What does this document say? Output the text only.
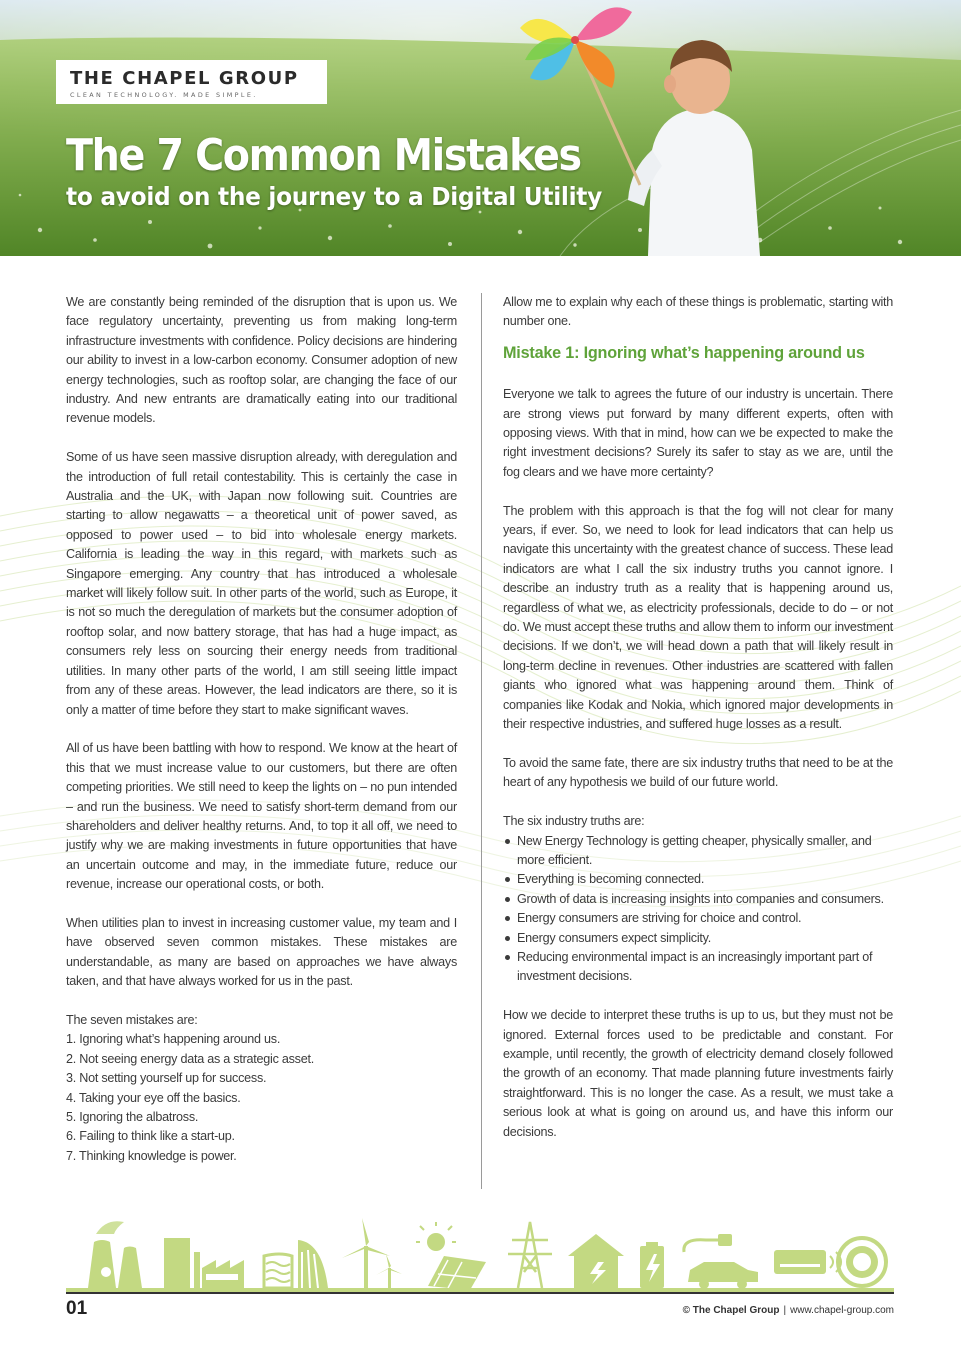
THE CHAPEL GROUP
CLEAN TECHNOLOGY. MADE SIMPLE.
The 7 Common Mistakes
to avoid on the journey to a Digital Utility

We are constantly being reminded of the disruption that is upon us. We face regulatory uncertainty, preventing us from making long-term infrastructure investments with confidence. Policy decisions are hindering our ability to invest in a low-carbon economy. Consumer adoption of new energy technologies, such as rooftop solar, are changing the face of our industry. And new entrants are dramatically eating into our traditional revenue models.

Some of us have seen massive disruption already, with deregulation and the introduction of full retail contestability. This is certainly the case in Australia and the UK, with Japan now following suit. Countries are starting to allow negawatts – a theoretical unit of power saved, as opposed to power used – to bid into wholesale energy markets. California is leading the way in this regard, with markets such as Singapore emerging. Any country that has introduced a wholesale market will likely follow suit. In other parts of the world, such as Europe, it is not so much the deregulation of markets but the consumer adoption of rooftop solar, and now battery storage, that has had a huge impact, as consumers rely less on sourcing their energy needs from traditional utilities. In many other parts of the world, I am still seeing little impact from any of these areas. However, the lead indicators are there, so it is only a matter of time before they start to make significant waves.

All of us have been battling with how to respond. We know at the heart of this that we must increase value to our customers, but there are often competing priorities. We still need to keep the lights on – no pun intended – and run the business. We need to satisfy short-term demand from our shareholders and deliver healthy returns. And, to top it all off, we need to justify why we are making investments in future opportunities that have an uncertain outcome and may, in the immediate future, reduce our revenue, increase our operational costs, or both.

When utilities plan to invest in increasing customer value, my team and I have observed seven common mistakes. These mistakes are understandable, as many are based on approaches we have always taken, and that have always worked for us in the past.

The seven mistakes are:

1. Ignoring what’s happening around us.
2. Not seeing energy data as a strategic asset.
3. Not setting yourself up for success.
4. Taking your eye off the basics.
5. Ignoring the albatross.
6. Failing to think like a start-up.
7. Thinking knowledge is power.

Allow me to explain why each of these things is problematic, starting with number one.

Mistake 1: Ignoring what’s happening around us

Everyone we talk to agrees the future of our industry is uncertain. There are strong views put forward by many different experts, often with opposing views. With that in mind, how can we be expected to make the right investment decisions? Surely its safer to stay as we are, until the fog clears and we have more certainty?

The problem with this approach is that the fog will not clear for many years, if ever. So, we need to look for lead indicators that can help us navigate this uncertainty with the greatest chance of success. These lead indicators are what I call the six industry truths you cannot ignore. I describe an industry truth as a reality that is happening around us, regardless of what we, as electricity professionals, decide to do – or not do. We must accept these truths and allow them to inform our investment decisions. If we don’t, we will head down a path that will likely result in long-term decline in revenues. Other industries are scattered with fallen giants who ignored what was happening around them. Think of companies like Kodak and Nokia, which ignored major developments in their respective industries, and suffered huge losses as a result.

To avoid the same fate, there are six industry truths that need to be at the heart of any hypothesis we build of our future world.

The six industry truths are:

New Energy Technology is getting cheaper, physically smaller, and more efficient.
Everything is becoming connected.
Growth of data is increasing insights into companies and consumers.
Energy consumers are striving for choice and control.
Energy consumers expect simplicity.
Reducing environmental impact is an increasingly important part of investment decisions.

How we decide to interpret these truths is up to us, but they must not be ignored. External forces used to be predictable and constant. For example, until recently, the growth of electricity demand closely followed the growth of an economy. That made planning future investments fairly straightforward. This is no longer the case. As a result, we must take a serious look at what is going on around us, and have this inform our decisions.

01	© The Chapel Group | www.chapel-group.com
